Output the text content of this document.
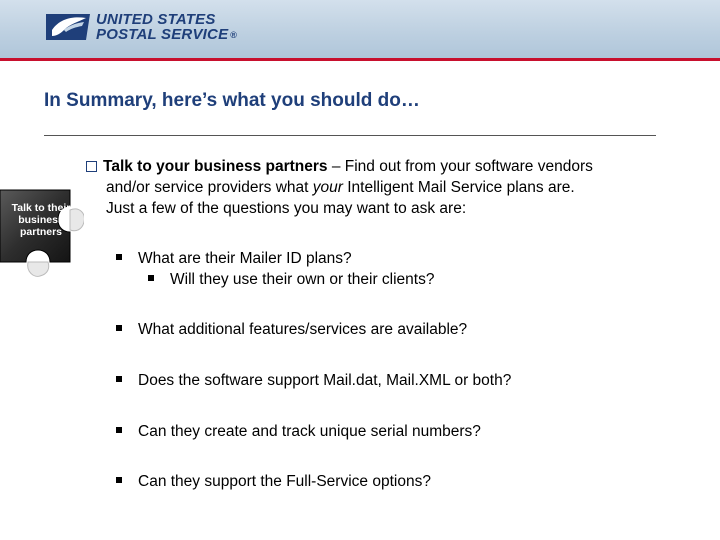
UNITED STATES
POSTAL SERVICE ®
In Summary, here’s what you should do…
Talk to their business partners
Talk to your business partners – Find out from your software vendors
and/or service providers what your Intelligent Mail Service plans are.
Just a few of the questions you may want to ask are:
What are their Mailer ID plans?
Will they use their own or their clients?
What additional features/services are available?
Does the software support Mail.dat, Mail.XML or both?
Can they create and track unique serial numbers?
Can they support the Full-Service options?
